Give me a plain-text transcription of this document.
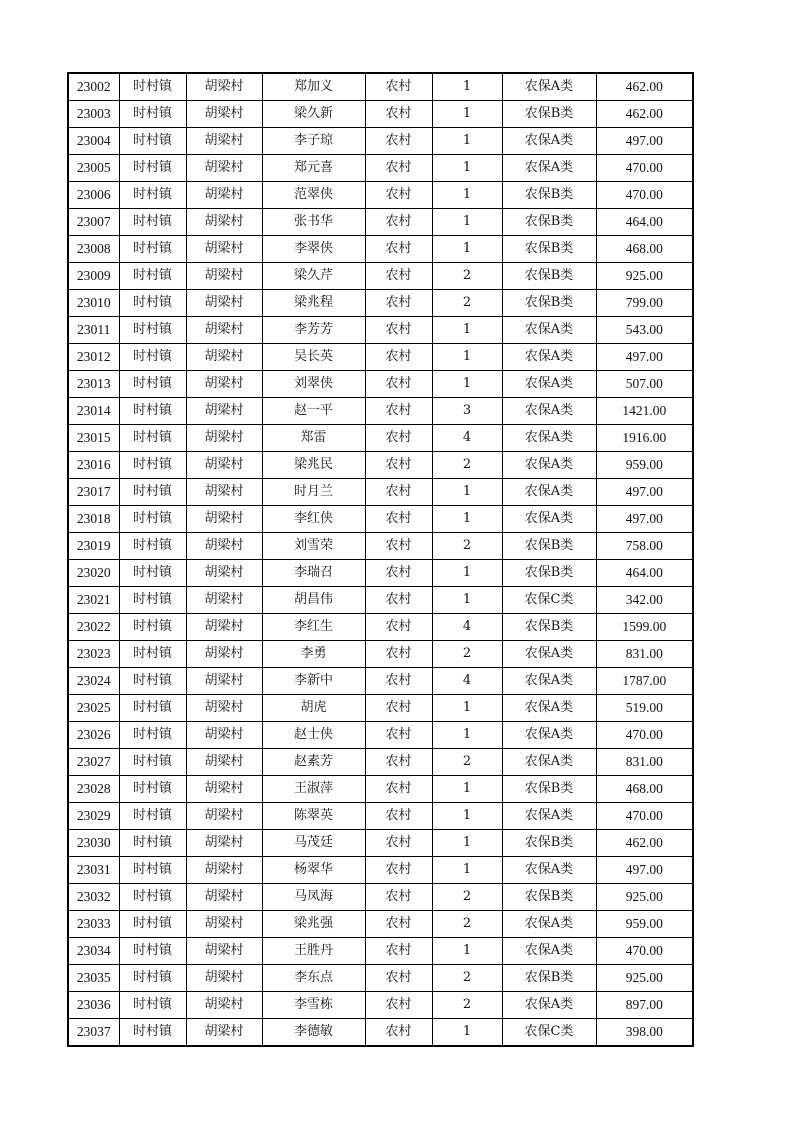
23002	时村镇	胡梁村	郑加义	农村	1	农保A类	462.00
23003	时村镇	胡梁村	梁久新	农村	1	农保B类	462.00
23004	时村镇	胡梁村	李子琼	农村	1	农保A类	497.00
23005	时村镇	胡梁村	郑元喜	农村	1	农保A类	470.00
23006	时村镇	胡梁村	范翠侠	农村	1	农保B类	470.00
23007	时村镇	胡梁村	张书华	农村	1	农保B类	464.00
23008	时村镇	胡梁村	李翠侠	农村	1	农保B类	468.00
23009	时村镇	胡梁村	梁久芹	农村	2	农保B类	925.00
23010	时村镇	胡梁村	梁兆程	农村	2	农保B类	799.00
23011	时村镇	胡梁村	李芳芳	农村	1	农保A类	543.00
23012	时村镇	胡梁村	吴长英	农村	1	农保A类	497.00
23013	时村镇	胡梁村	刘翠侠	农村	1	农保A类	507.00
23014	时村镇	胡梁村	赵一平	农村	3	农保A类	1421.00
23015	时村镇	胡梁村	郑雷	农村	4	农保A类	1916.00
23016	时村镇	胡梁村	梁兆民	农村	2	农保A类	959.00
23017	时村镇	胡梁村	时月兰	农村	1	农保A类	497.00
23018	时村镇	胡梁村	李红侠	农村	1	农保A类	497.00
23019	时村镇	胡梁村	刘雪荣	农村	2	农保B类	758.00
23020	时村镇	胡梁村	李瑞召	农村	1	农保B类	464.00
23021	时村镇	胡梁村	胡昌伟	农村	1	农保C类	342.00
23022	时村镇	胡梁村	李红生	农村	4	农保B类	1599.00
23023	时村镇	胡梁村	李勇	农村	2	农保A类	831.00
23024	时村镇	胡梁村	李新中	农村	4	农保A类	1787.00
23025	时村镇	胡梁村	胡虎	农村	1	农保A类	519.00
23026	时村镇	胡梁村	赵士侠	农村	1	农保A类	470.00
23027	时村镇	胡梁村	赵素芳	农村	2	农保A类	831.00
23028	时村镇	胡梁村	王淑萍	农村	1	农保B类	468.00
23029	时村镇	胡梁村	陈翠英	农村	1	农保A类	470.00
23030	时村镇	胡梁村	马茂廷	农村	1	农保B类	462.00
23031	时村镇	胡梁村	杨翠华	农村	1	农保A类	497.00
23032	时村镇	胡梁村	马凤海	农村	2	农保B类	925.00
23033	时村镇	胡梁村	梁兆强	农村	2	农保A类	959.00
23034	时村镇	胡梁村	王胜丹	农村	1	农保A类	470.00
23035	时村镇	胡梁村	李东点	农村	2	农保B类	925.00
23036	时村镇	胡梁村	李雪栋	农村	2	农保A类	897.00
23037	时村镇	胡梁村	李德敏	农村	1	农保C类	398.00
